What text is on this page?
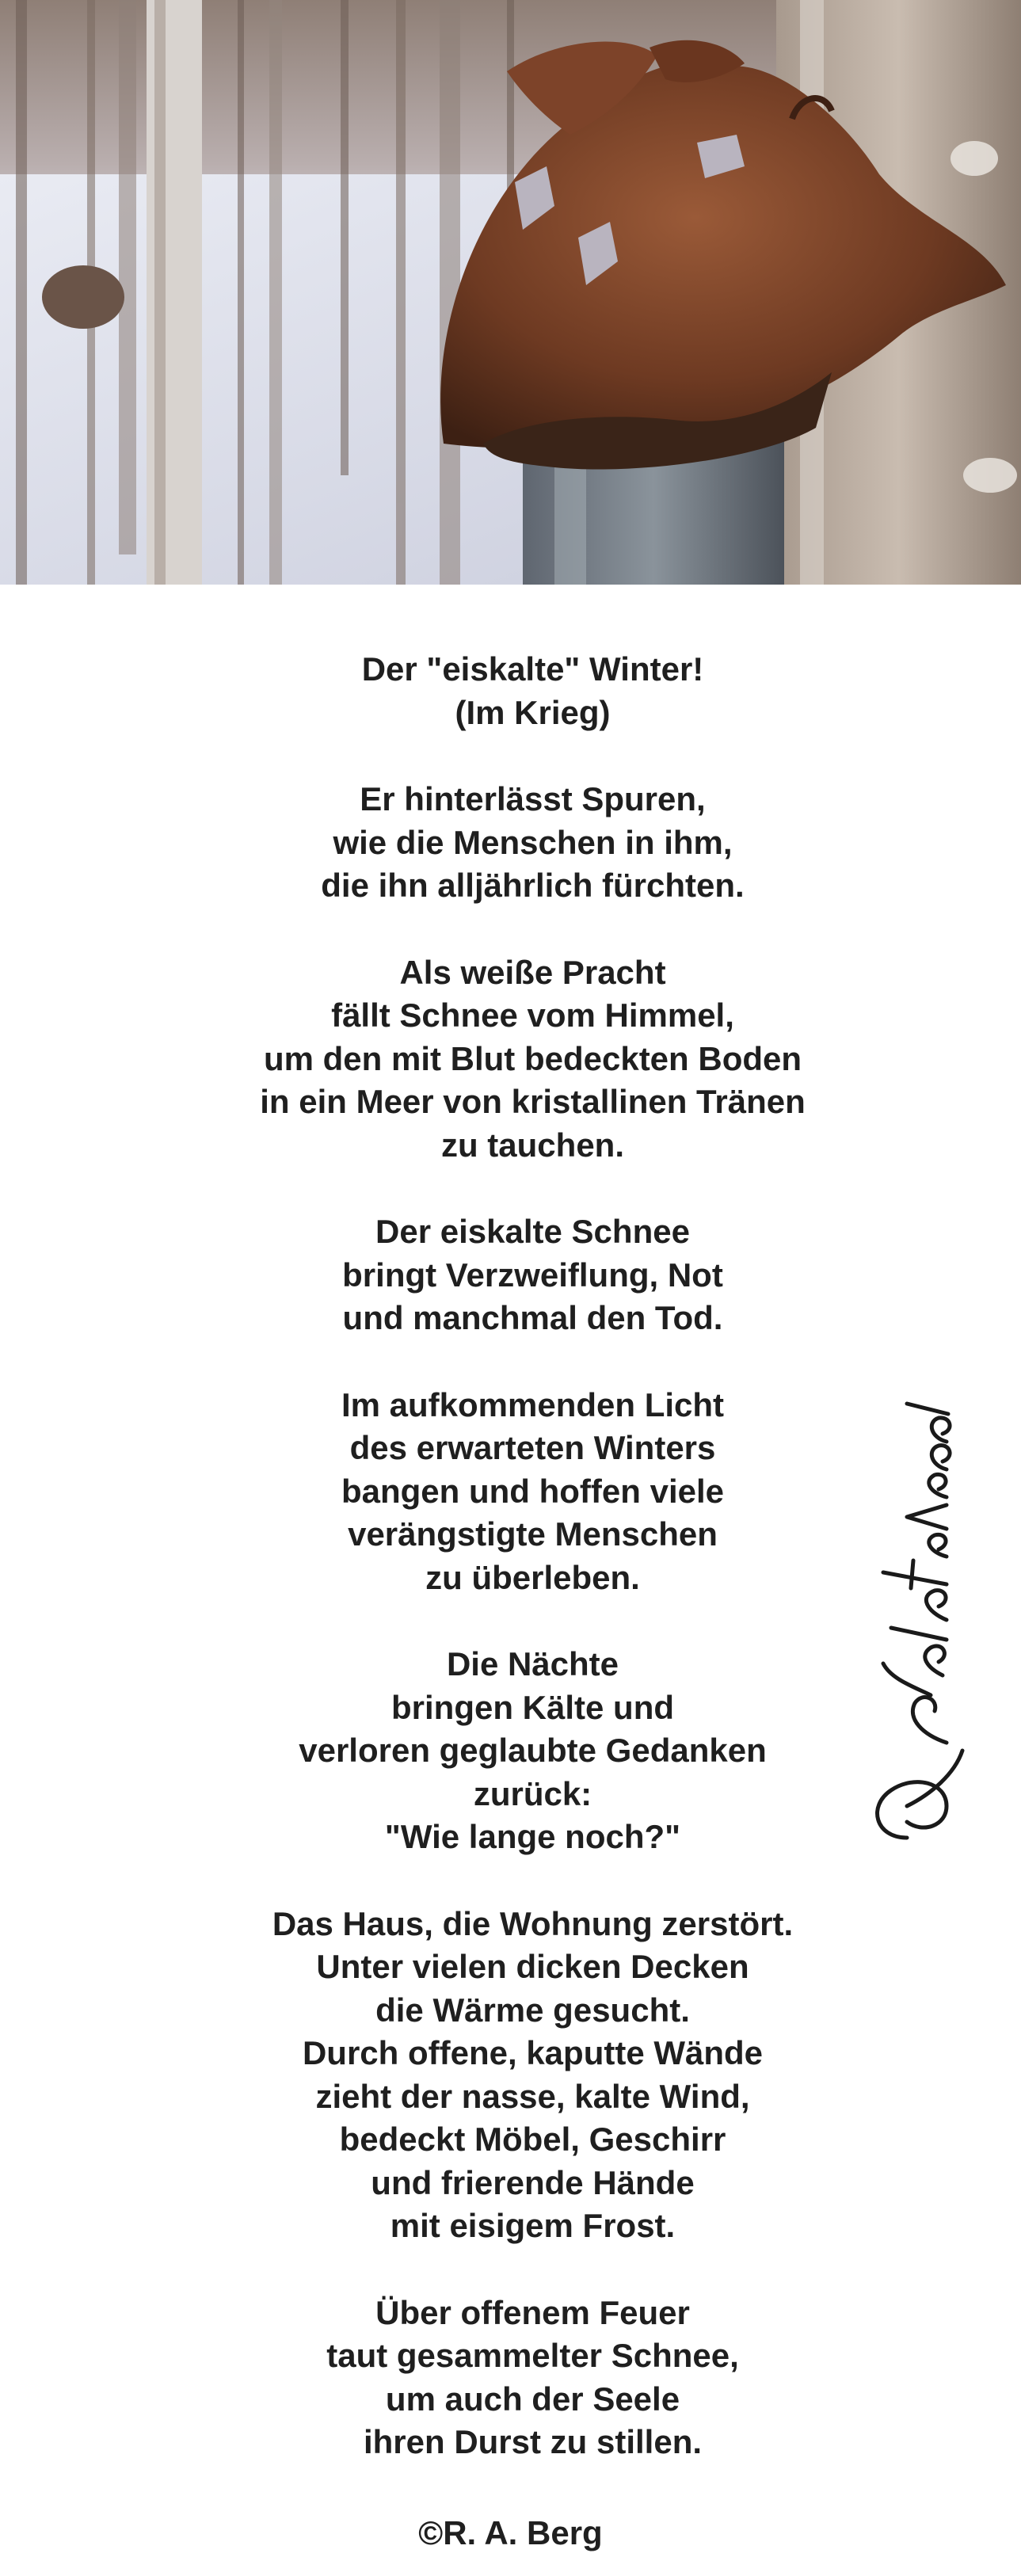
Der "eiskalte" Winter!
(Im Krieg)
Er hinterlässt Spuren,
wie die Menschen in ihm,
die ihn alljährlich fürchten.
Als weiße Pracht
fällt Schnee vom Himmel,
um den mit Blut bedeckten Boden
in ein Meer von kristallinen Tränen
zu tauchen.
Der eiskalte Schnee
bringt Verzweiflung, Not
und manchmal den Tod.
Im aufkommenden Licht
des erwarteten Winters
bangen und hoffen viele
verängstigte Menschen
zu überleben.
Die Nächte
bringen Kälte und
verloren geglaubte Gedanken
zurück:
"Wie lange noch?"
Das Haus, die Wohnung zerstört.
Unter vielen dicken Decken
die Wärme gesucht.
Durch offene, kaputte Wände
zieht der nasse, kalte Wind,
bedeckt Möbel, Geschirr
und frierende Hände
mit eisigem Frost.
Über offenem Feuer
taut gesammelter Schnee,
um auch der Seele
ihren Durst zu stillen.
©R. A. Berg
